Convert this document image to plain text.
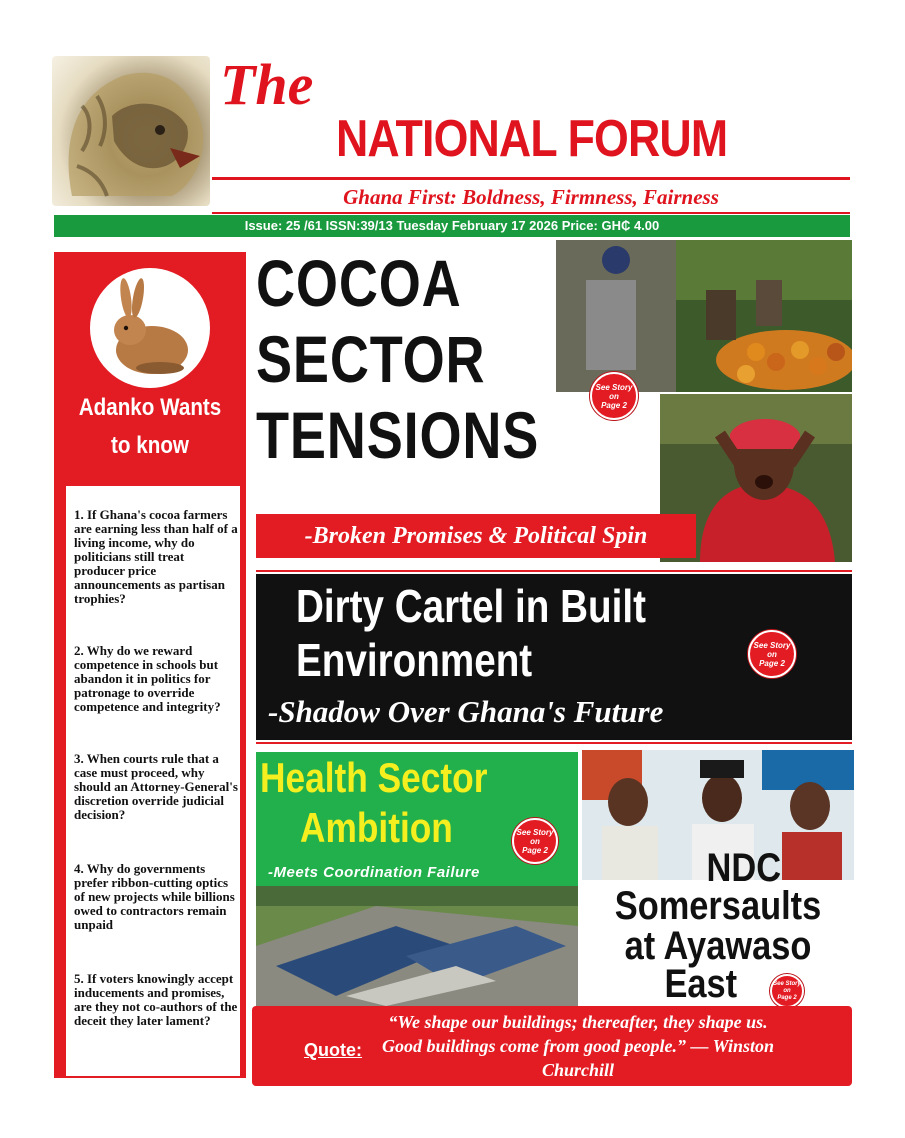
The
NATIONAL FORUM
Ghana First: Boldness, Firmness, Fairness
Issue: 25 /61 ISSN:39/13 Tuesday February 17 2026 Price: GH₵ 4.00
Adanko Wants
to know
1. If Ghana's cocoa farmers are earning less than half of a living income, why do politicians still treat producer price announcements as partisan trophies?
2. Why do we reward competence in schools but abandon it in politics for patronage to override competence and integrity?
3. When courts rule that a case must proceed, why should an Attorney-General's discretion override judicial decision?
4. Why do governments prefer ribbon-cutting optics of new projects while billions owed to contractors remain unpaid
5. If voters knowingly accept inducements and promises, are they not co-authors of the deceit they later lament?
COCOA
SECTOR
TENSIONS
See Story
on
Page 2
-Broken Promises & Political Spin
Dirty Cartel in Built
Environment
-Shadow Over Ghana's Future
See Story
on
Page 2
Health Sector
Ambition	See Story
on
Page 2
-Meets Coordination Failure	NDC
Somersaults
at Ayawaso
East	See Story
on
Page 2
Quote:
“We shape our buildings; thereafter, they shape us. Good buildings come from good people.” — Winston Churchill
